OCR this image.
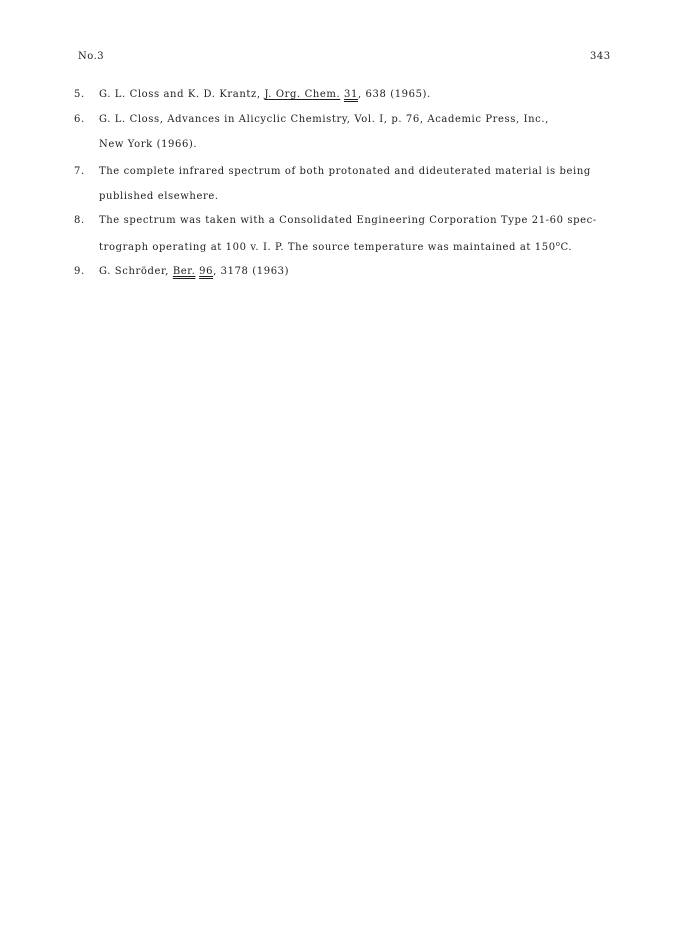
No.3	343
5. G. L. Closs and K. D. Krantz, J. Org. Chem. 31, 638 (1965).
6. G. L. Closs, Advances in Alicyclic Chemistry, Vol. I, p. 76, Academic Press, Inc.,
New York (1966).
7. The complete infrared spectrum of both protonated and dideuterated material is being
published elsewhere.
8. The spectrum was taken with a Consolidated Engineering Corporation Type 21-60 spec-
trograph operating at 100 v. I. P. The source temperature was maintained at 150$^o$C.
9. G. Schröder, Ber. 96, 3178 (1963)
